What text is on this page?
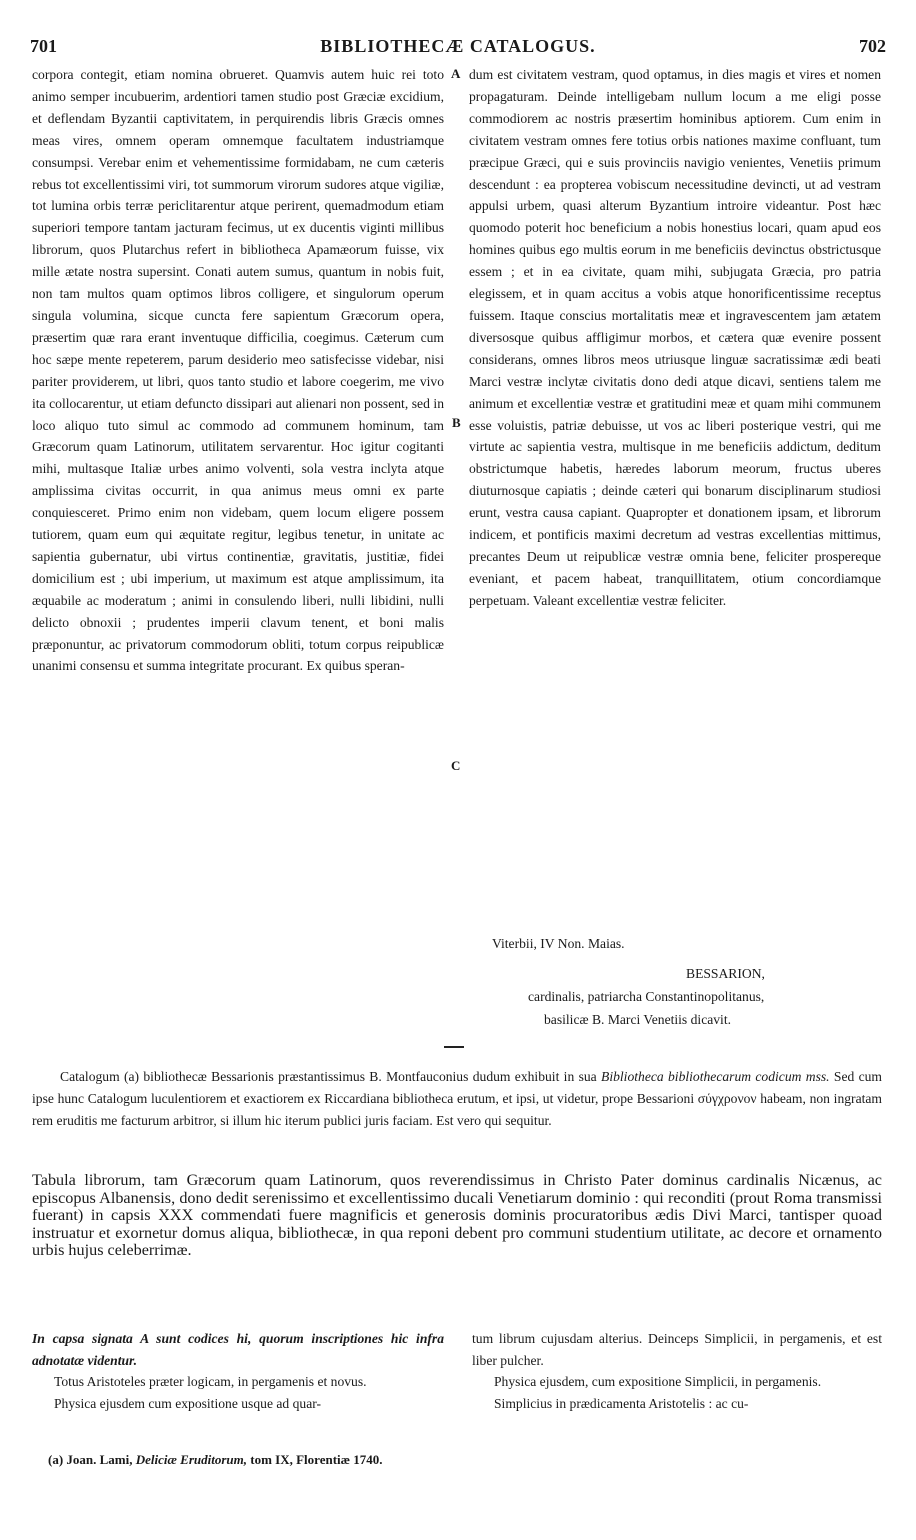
701	BIBLIOTHECÆ CATALOGUS.	702

corpora contegit, etiam nomina obrueret. Quamvis autem huic rei toto animo semper incubuerim, ardentiori tamen studio post Græciæ excidium, et deflendam Byzantii captivitatem, in perquirendis libris Græcis omnes meas vires, omnem operam omnemque facultatem industriamque consumpsi. Verebar enim et vehementissime formidabam, ne cum cæteris rebus tot excellentissimi viri, tot summorum virorum sudores atque vigiliæ, tot lumina orbis terræ periclitarentur atque perirent, quemadmodum etiam superiori tempore tantam jacturam fecimus, ut ex ducentis viginti millibus librorum, quos Plutarchus refert in bibliotheca Apamæorum fuisse, vix mille ætate nostra supersint. Conati autem sumus, quantum in nobis fuit, non tam multos quam optimos libros colligere, et singulorum operum singula volumina, sicque cuncta fere sapientum Græcorum opera, præsertim quæ rara erant inventuque difficilia, coegimus. Cæterum cum hoc sæpe mente repeterem, parum desiderio meo satisfecisse videbar, nisi pariter providerem, ut libri, quos tanto studio et labore coegerim, me vivo ita collocarentur, ut etiam defuncto dissipari aut alienari non possent, sed in loco aliquo tuto simul ac commodo ad communem hominum, tam Græcorum quam Latinorum, utilitatem servarentur. Hoc igitur cogitanti mihi, multasque Italiæ urbes animo volventi, sola vestra inclyta atque amplissima civitas occurrit, in qua animus meus omni ex parte conquiesceret. Primo enim non videbam, quem locum eligere possem tutiorem, quam eum qui æquitate regitur, legibus tenetur, in unitate ac sapientia gubernatur, ubi virtus continentiæ, gravitatis, justitiæ, fidei domicilium est ; ubi imperium, ut maximum est atque amplissimum, ita æquabile ac moderatum ; animi in consulendo liberi, nulli libidini, nulli delicto obnoxii ; prudentes imperii clavum tenent, et boni malis præponuntur, ac privatorum commodorum obliti, totum corpus reipublicæ unanimi consensu et summa integritate procurant. Ex quibus speran-

dum est civitatem vestram, quod optamus, in dies magis et vires et nomen propagaturam. Deinde intelligebam nullum locum a me eligi posse commodiorem ac nostris præsertim hominibus aptiorem. Cum enim in civitatem vestram omnes fere totius orbis nationes maxime confluant, tum præcipue Græci, qui e suis provinciis navigio venientes, Venetiis primum descendunt : ea propterea vobiscum necessitudine devincti, ut ad vestram appulsi urbem, quasi alterum Byzantium introire videantur. Post hæc quomodo poterit hoc beneficium a nobis honestius locari, quam apud eos homines quibus ego multis eorum in me beneficiis devinctus obstrictusque essem ; et in ea civitate, quam mihi, subjugata Græcia, pro patria elegissem, et in quam accitus a vobis atque honorificentissime receptus fuissem. Itaque conscius mortalitatis meæ et ingravescentem jam ætatem diversosque quibus affligimur morbos, et cætera quæ evenire possent considerans, omnes libros meos utriusque linguæ sacratissimæ ædi beati Marci vestræ inclytæ civitatis dono dedi atque dicavi, sentiens talem me animum et excellentiæ vestræ et gratitudini meæ et quam mihi communem esse voluistis, patriæ debuisse, ut vos ac liberi posterique vestri, qui me virtute ac sapientia vestra, multisque in me beneficiis addictum, deditum obstrictumque habetis, hæredes laborum meorum, fructus uberes diuturnosque capiatis ; deinde cæteri qui bonarum disciplinarum studiosi erunt, vestra causa capiant. Quapropter et donationem ipsam, et librorum indicem, et pontificis maximi decretum ad vestras excellentias mittimus, precantes Deum ut reipublicæ vestræ omnia bene, feliciter prospereque eveniant, et pacem habeat, tranquillitatem, otium concordiamque perpetuam. Valeant excellentiæ vestræ feliciter.

A
B
C
Viterbii, IV Non. Maias.
BESSARION,
cardinalis, patriarcha Constantinopolitanus,
basilicæ B. Marci Venetiis dicavit.
Catalogum (a) bibliothecæ Bessarionis præstantissimus B. Montfauconius dudum exhibuit in sua Bibliotheca bibliothecarum codicum mss. Sed cum ipse hunc Catalogum luculentiorem et exactiorem ex Riccardiana bibliotheca erutum, et ipsi, ut videtur, prope Bessarioni σύγχρονον habeam, non ingratam rem eruditis me facturum arbitror, si illum hic iterum publici juris faciam. Est vero qui sequitur.
Tabula librorum, tam Græcorum quam Latinorum, quos reverendissimus in Christo Pater dominus cardinalis Nicænus, ac episcopus Albanensis, dono dedit serenissimo et excellentissimo ducali Venetiarum dominio : qui reconditi (prout Roma transmissi fuerant) in capsis XXX commendati fuere magnificis et generosis dominis procuratoribus ædis Divi Marci, tantisper quoad instruatur et exornetur domus aliqua, bibliothecæ, in qua reponi debent pro communi studentium utilitate, ac decore et ornamento urbis hujus celeberrimæ.

In capsa signata A sunt codices hi, quorum inscriptiones hic infra adnotatæ videntur.

Totus Aristoteles præter logicam, in pergamenis et novus.

Physica ejusdem cum expositione usque ad quar-

tum librum cujusdam alterius. Deinceps Simplicii, in pergamenis, et est liber pulcher.

Physica ejusdem, cum expositione Simplicii, in pergamenis.

Simplicius in prædicamenta Aristotelis : ac cu-

(a) Joan. Lami, Deliciæ Eruditorum, tom IX, Florentiæ 1740.
